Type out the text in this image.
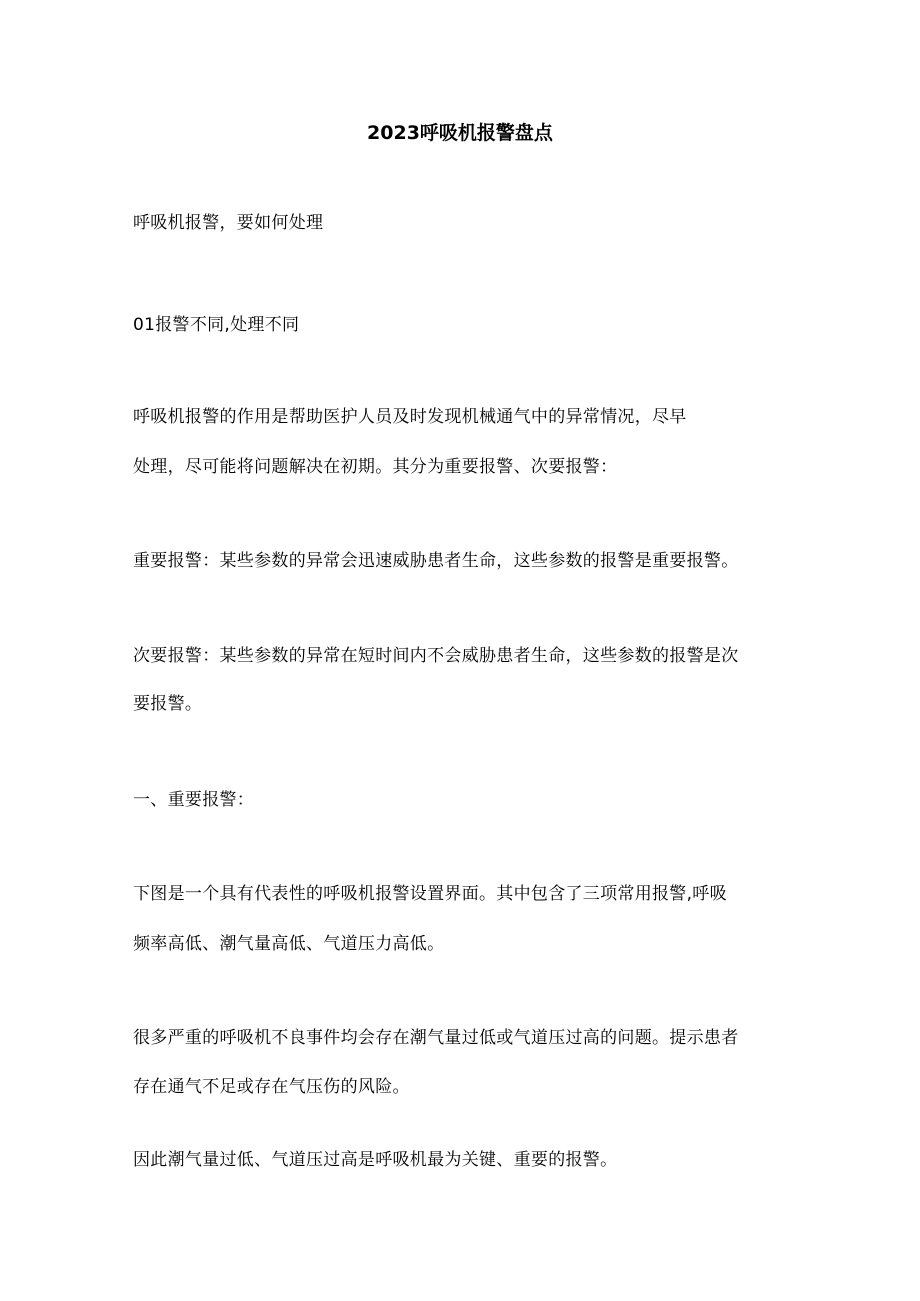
2023呼吸机报警盘点
呼吸机报警，要如何处理
01报警不同,处理不同
呼吸机报警的作用是帮助医护人员及时发现机械通气中的异常情况，尽早
处理，尽可能将问题解决在初期。其分为重要报警、次要报警：
重要报警：某些参数的异常会迅速威胁患者生命，这些参数的报警是重要报警。
次要报警：某些参数的异常在短时间内不会威胁患者生命，这些参数的报警是次
要报警。
一、重要报警：
下图是一个具有代表性的呼吸机报警设置界面。其中包含了三项常用报警,呼吸
频率高低、潮气量高低、气道压力高低。
很多严重的呼吸机不良事件均会存在潮气量过低或气道压过高的问题。提示患者
存在通气不足或存在气压伤的风险。
因此潮气量过低、气道压过高是呼吸机最为关键、重要的报警。
